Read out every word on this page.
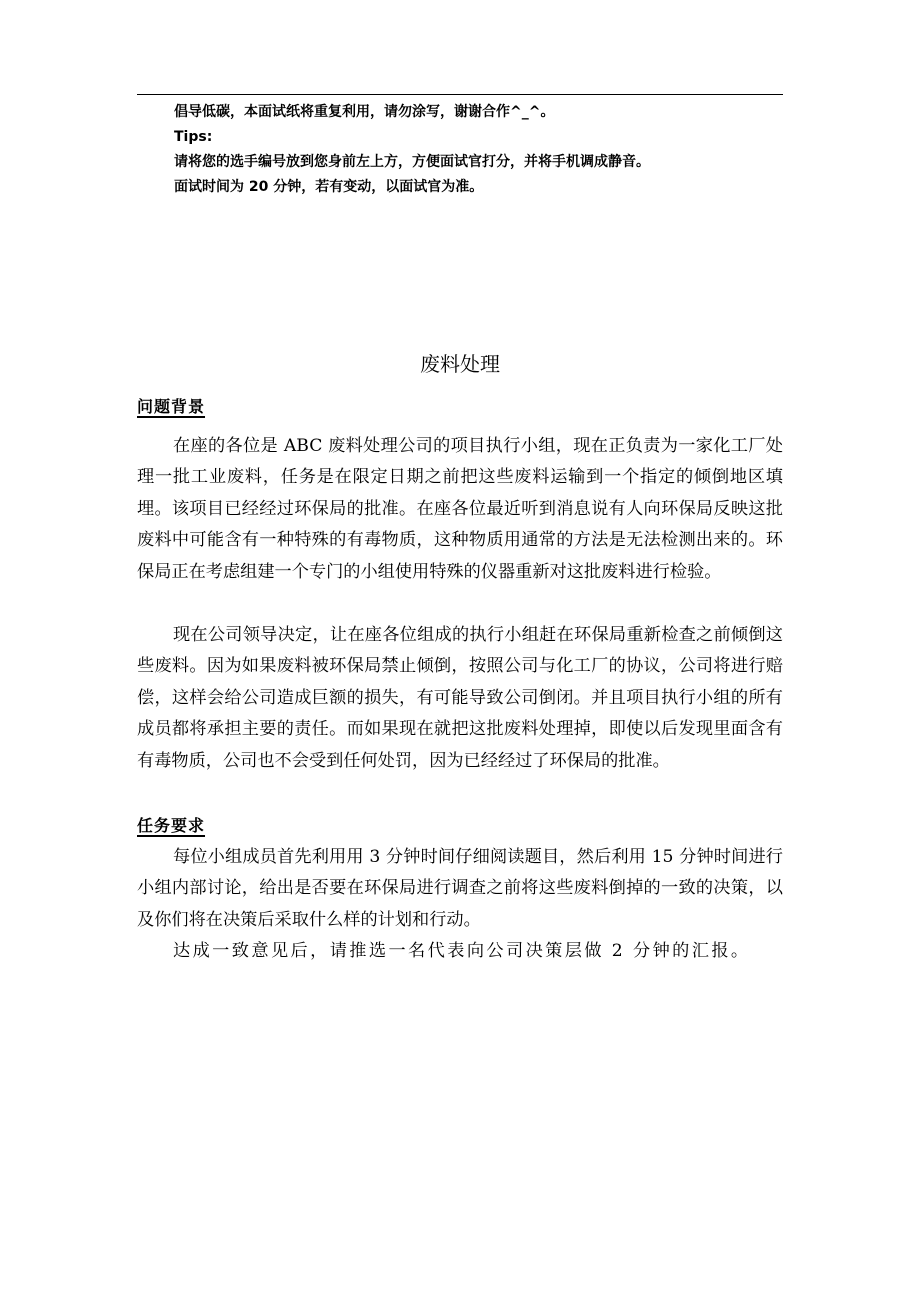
倡导低碳，本面试纸将重复利用，请勿涂写，谢谢合作^_^。
Tips:
请将您的选手编号放到您身前左上方，方便面试官打分，并将手机调成静音。
面试时间为 20 分钟，若有变动，以面试官为准。
废料处理
问题背景

在座的各位是 ABC 废料处理公司的项目执行小组，现在正负责为一家化工厂处理一批工业废料，任务是在限定日期之前把这些废料运输到一个指定的倾倒地区填埋。该项目已经经过环保局的批准。在座各位最近听到消息说有人向环保局反映这批废料中可能含有一种特殊的有毒物质，这种物质用通常的方法是无法检测出来的。环保局正在考虑组建一个专门的小组使用特殊的仪器重新对这批废料进行检验。

现在公司领导决定，让在座各位组成的执行小组赶在环保局重新检查之前倾倒这些废料。因为如果废料被环保局禁止倾倒，按照公司与化工厂的协议，公司将进行赔偿，这样会给公司造成巨额的损失，有可能导致公司倒闭。并且项目执行小组的所有成员都将承担主要的责任。而如果现在就把这批废料处理掉，即使以后发现里面含有有毒物质，公司也不会受到任何处罚，因为已经经过了环保局的批准。

任务要求

每位小组成员首先利用用 3 分钟时间仔细阅读题目，然后利用 15 分钟时间进行小组内部讨论，给出是否要在环保局进行调查之前将这些废料倒掉的一致的决策，以及你们将在决策后采取什么样的计划和行动。

达成一致意见后，请推选一名代表向公司决策层做 2 分钟的汇报。
